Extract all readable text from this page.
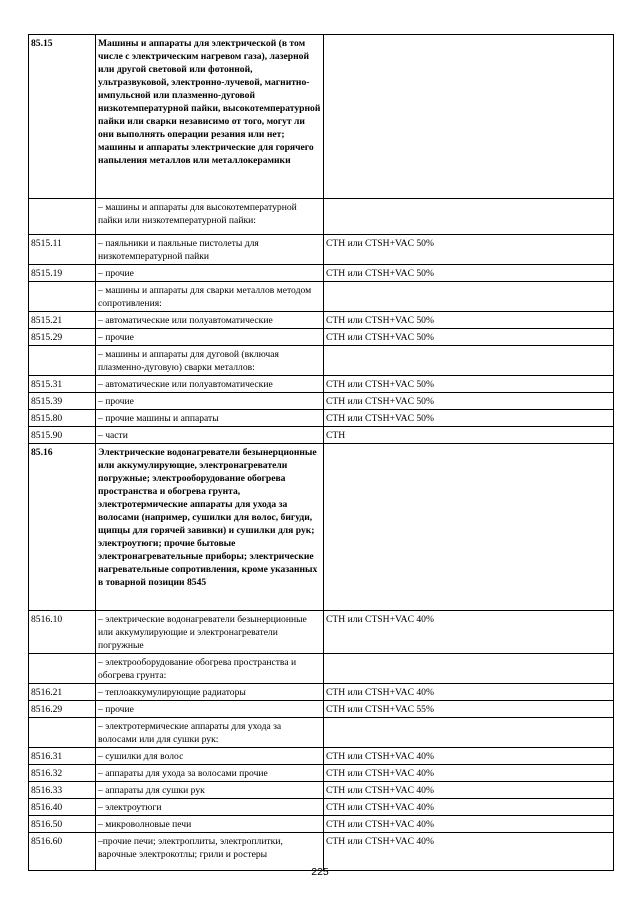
85.15	Машины и аппараты для электрической (в том числе с электрическим нагревом газа), лазерной или другой световой или фотонной, ультразвуковой, электронно-лучевой, магнитно-импульсной или плазменно-дуговой низкотемпературной пайки, высокотемпературной пайки или сварки независимо от того, могут ли они выполнять операции резания или нет; машины и аппараты электрические для горячего напыления металлов или металлокерамики	
	– машины и аппараты для высокотемпературной пайки или низкотемпературной пайки:	
8515.11	– паяльники и паяльные пистолеты для низкотемпературной пайки	CTH или CTSH+VAC 50%
8515.19	– прочие	CTH или CTSH+VAC 50%
	– машины и аппараты для сварки металлов методом сопротивления:	
8515.21	– автоматические или полуавтоматические	CTH или CTSH+VAC 50%
8515.29	– прочие	CTH или CTSH+VAC 50%
	– машины и аппараты для дуговой (включая плазменно-дуговую) сварки металлов:	
8515.31	– автоматические или полуавтоматические	CTH или CTSH+VAC 50%
8515.39	– прочие	CTH или CTSH+VAC 50%
8515.80	– прочие машины и аппараты	CTH или CTSH+VAC 50%
8515.90	– части	CTH
85.16	Электрические водонагреватели безынерционные или аккумулирующие, электронагреватели погружные; электрооборудование обогрева пространства и обогрева грунта, электротермические аппараты для ухода за волосами (например, сушилки для волос, бигуди, щипцы для горячей завивки) и сушилки для рук; электроутюги; прочие бытовые электронагревательные приборы; электрические нагревательные сопротивления, кроме указанных в товарной позиции 8545	
8516.10	– электрические водонагреватели безынерционные или аккумулирующие и электронагреватели погружные	CTH или CTSH+VAC 40%
	– электрооборудование обогрева пространства и обогрева грунта:	
8516.21	– теплоаккумулирующие радиаторы	CTH или CTSH+VAC 40%
8516.29	– прочие	CTH или CTSH+VAC 55%
	– электротермические аппараты для ухода за волосами или для сушки рук:	
8516.31	– сушилки для волос	CTH или CTSH+VAC 40%
8516.32	– аппараты для ухода за волосами прочие	CTH или CTSH+VAC 40%
8516.33	– аппараты для сушки рук	CTH или CTSH+VAC 40%
8516.40	– электроутюги	CTH или CTSH+VAC 40%
8516.50	– микроволновые печи	CTH или CTSH+VAC 40%
8516.60	–прочие печи; электроплиты, электроплитки, варочные электрокотлы; грили и ростеры	CTH или CTSH+VAC 40%
225
